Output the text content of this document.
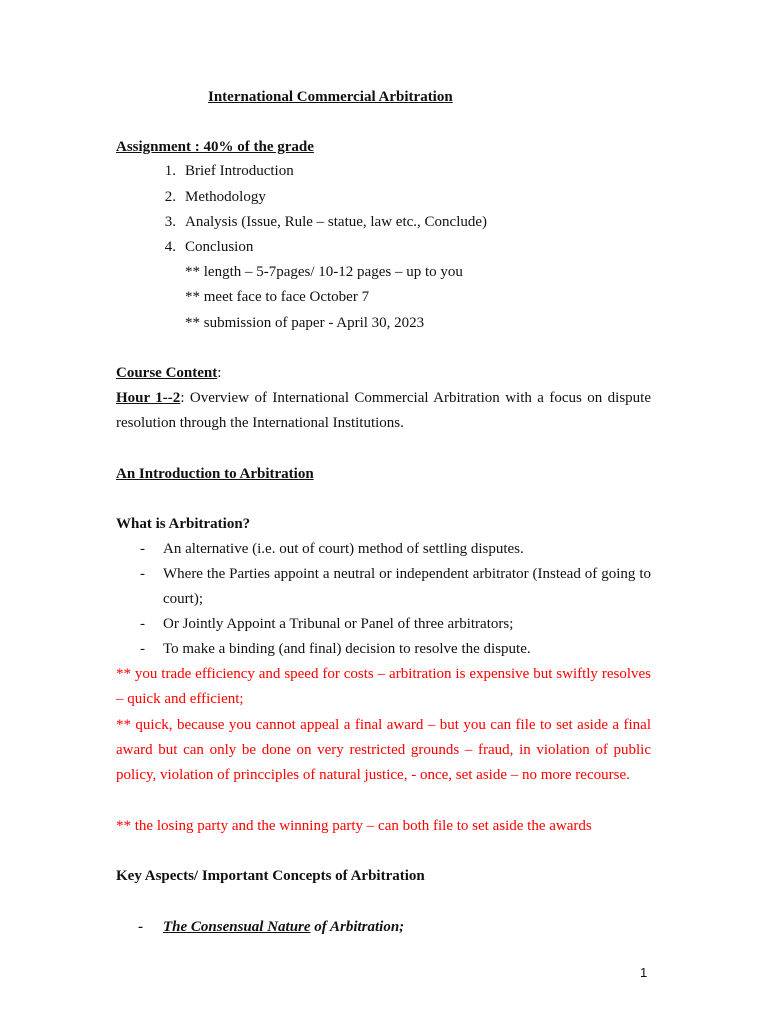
International Commercial Arbitration
Assignment : 40% of the grade
1. Brief Introduction
2. Methodology
3. Analysis (Issue, Rule – statue, law etc., Conclude)
4. Conclusion
** length – 5-7pages/ 10-12 pages – up to you
** meet face to face October 7
** submission of paper - April 30, 2023
Course Content:
Hour 1--2: Overview of International Commercial Arbitration with a focus on dispute resolution through the International Institutions.
An Introduction to Arbitration
What is Arbitration?
- An alternative (i.e. out of court) method of settling disputes.
- Where the Parties appoint a neutral or independent arbitrator (Instead of going to court);
- Or Jointly Appoint a Tribunal or Panel of three arbitrators;
- To make a binding (and final) decision to resolve the dispute.
** you trade efficiency and speed for costs – arbitration is expensive but swiftly resolves – quick and efficient;
** quick, because you cannot appeal a final award – but you can file to set aside a final award but can only be done on very restricted grounds – fraud, in violation of public policy, violation of princciples of natural justice, - once, set aside – no more recourse.
** the losing party and the winning party – can both file to set aside the awards
Key Aspects/ Important Concepts of Arbitration
- The Consensual Nature of Arbitration;
1
